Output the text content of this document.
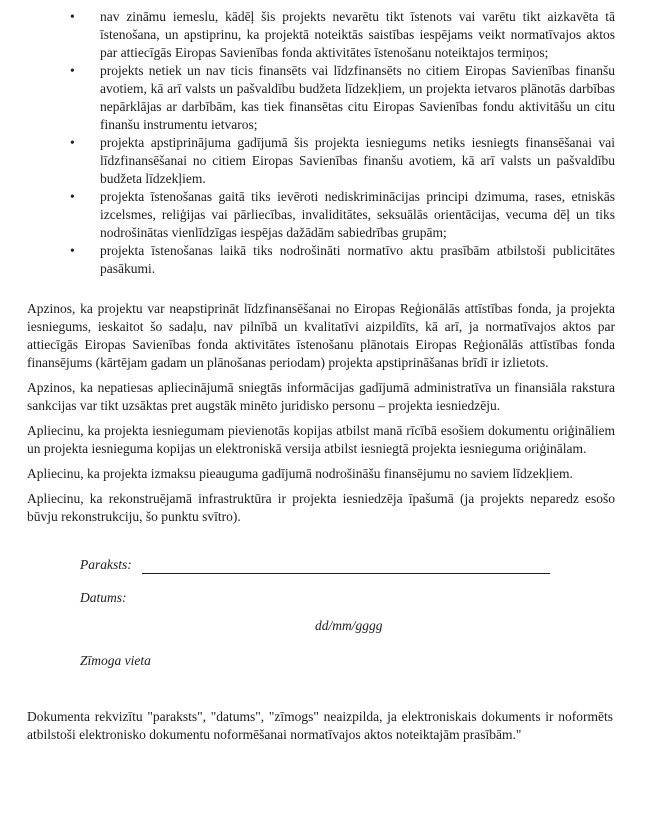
• nav zināmu iemeslu, kādēļ šis projekts nevarētu tikt īstenots vai varētu tikt aizkavēta tā īstenošana, un apstiprinu, ka projektā noteiktās saistības iespējams veikt normatīvajos aktos par attiecīgās Eiropas Savienības fonda aktivitātes īstenošanu noteiktajos termiņos;
• projekts netiek un nav ticis finansēts vai līdzfinansēts no citiem Eiropas Savienības finanšu avotiem, kā arī valsts un pašvaldību budžeta līdzekļiem, un projekta ietvaros plānotās darbības nepārklājas ar darbībām, kas tiek finansētas citu Eiropas Savienības fondu aktivitāšu un citu finanšu instrumentu ietvaros;
• projekta apstiprinājuma gadījumā šis projekta iesniegums netiks iesniegts finansēšanai vai līdzfinansēšanai no citiem Eiropas Savienības finanšu avotiem, kā arī valsts un pašvaldību budžeta līdzekļiem.
• projekta īstenošanas gaitā tiks ievēroti nediskriminācijas principi dzimuma, rases, etniskās izcelsmes, reliģijas vai pārliecības, invaliditātes, seksuālās orientācijas, vecuma dēļ un tiks nodrošinātas vienlīdzīgas iespējas dažādām sabiedrības grupām;
• projekta īstenošanas laikā tiks nodrošināti normatīvo aktu prasībām atbilstoši publicitātes pasākumi.

Apzinos, ka projektu var neapstiprināt līdzfinansēšanai no Eiropas Reģionālās attīstības fonda, ja projekta iesniegums, ieskaitot šo sadaļu, nav pilnībā un kvalitatīvi aizpildīts, kā arī, ja normatīvajos aktos par attiecīgās Eiropas Savienības fonda aktivitātes īstenošanu plānotais Eiropas Reģionālās attīstības fonda finansējums (kārtējam gadam un plānošanas periodam) projekta apstiprināšanas brīdī ir izlietots.

Apzinos, ka nepatiesas apliecinājumā sniegtās informācijas gadījumā administratīva un finansiāla rakstura sankcijas var tikt uzsāktas pret augstāk minēto juridisko personu – projekta iesniedzēju.

Apliecinu, ka projekta iesniegumam pievienotās kopijas atbilst manā rīcībā esošiem dokumentu oriģināliem un projekta iesnieguma kopijas un elektroniskā versija atbilst iesniegtā projekta iesnieguma oriģinālam.

Apliecinu, ka projekta izmaksu pieauguma gadījumā nodrošināšu finansējumu no saviem līdzekļiem.

Apliecinu, ka rekonstruējamā infrastruktūra ir projekta iesniedzēja īpašumā (ja projekts neparedz esošo būvju rekonstrukciju, šo punktu svītro).

Paraksts:
Datums:
dd/mm/gggg
Zīmoga vieta

Dokumenta rekvizītu "paraksts", "datums", "zīmogs" neaizpilda, ja elektroniskais dokuments ir noformēts atbilstoši elektronisko dokumentu noformēšanai normatīvajos aktos noteiktajām prasībām."
